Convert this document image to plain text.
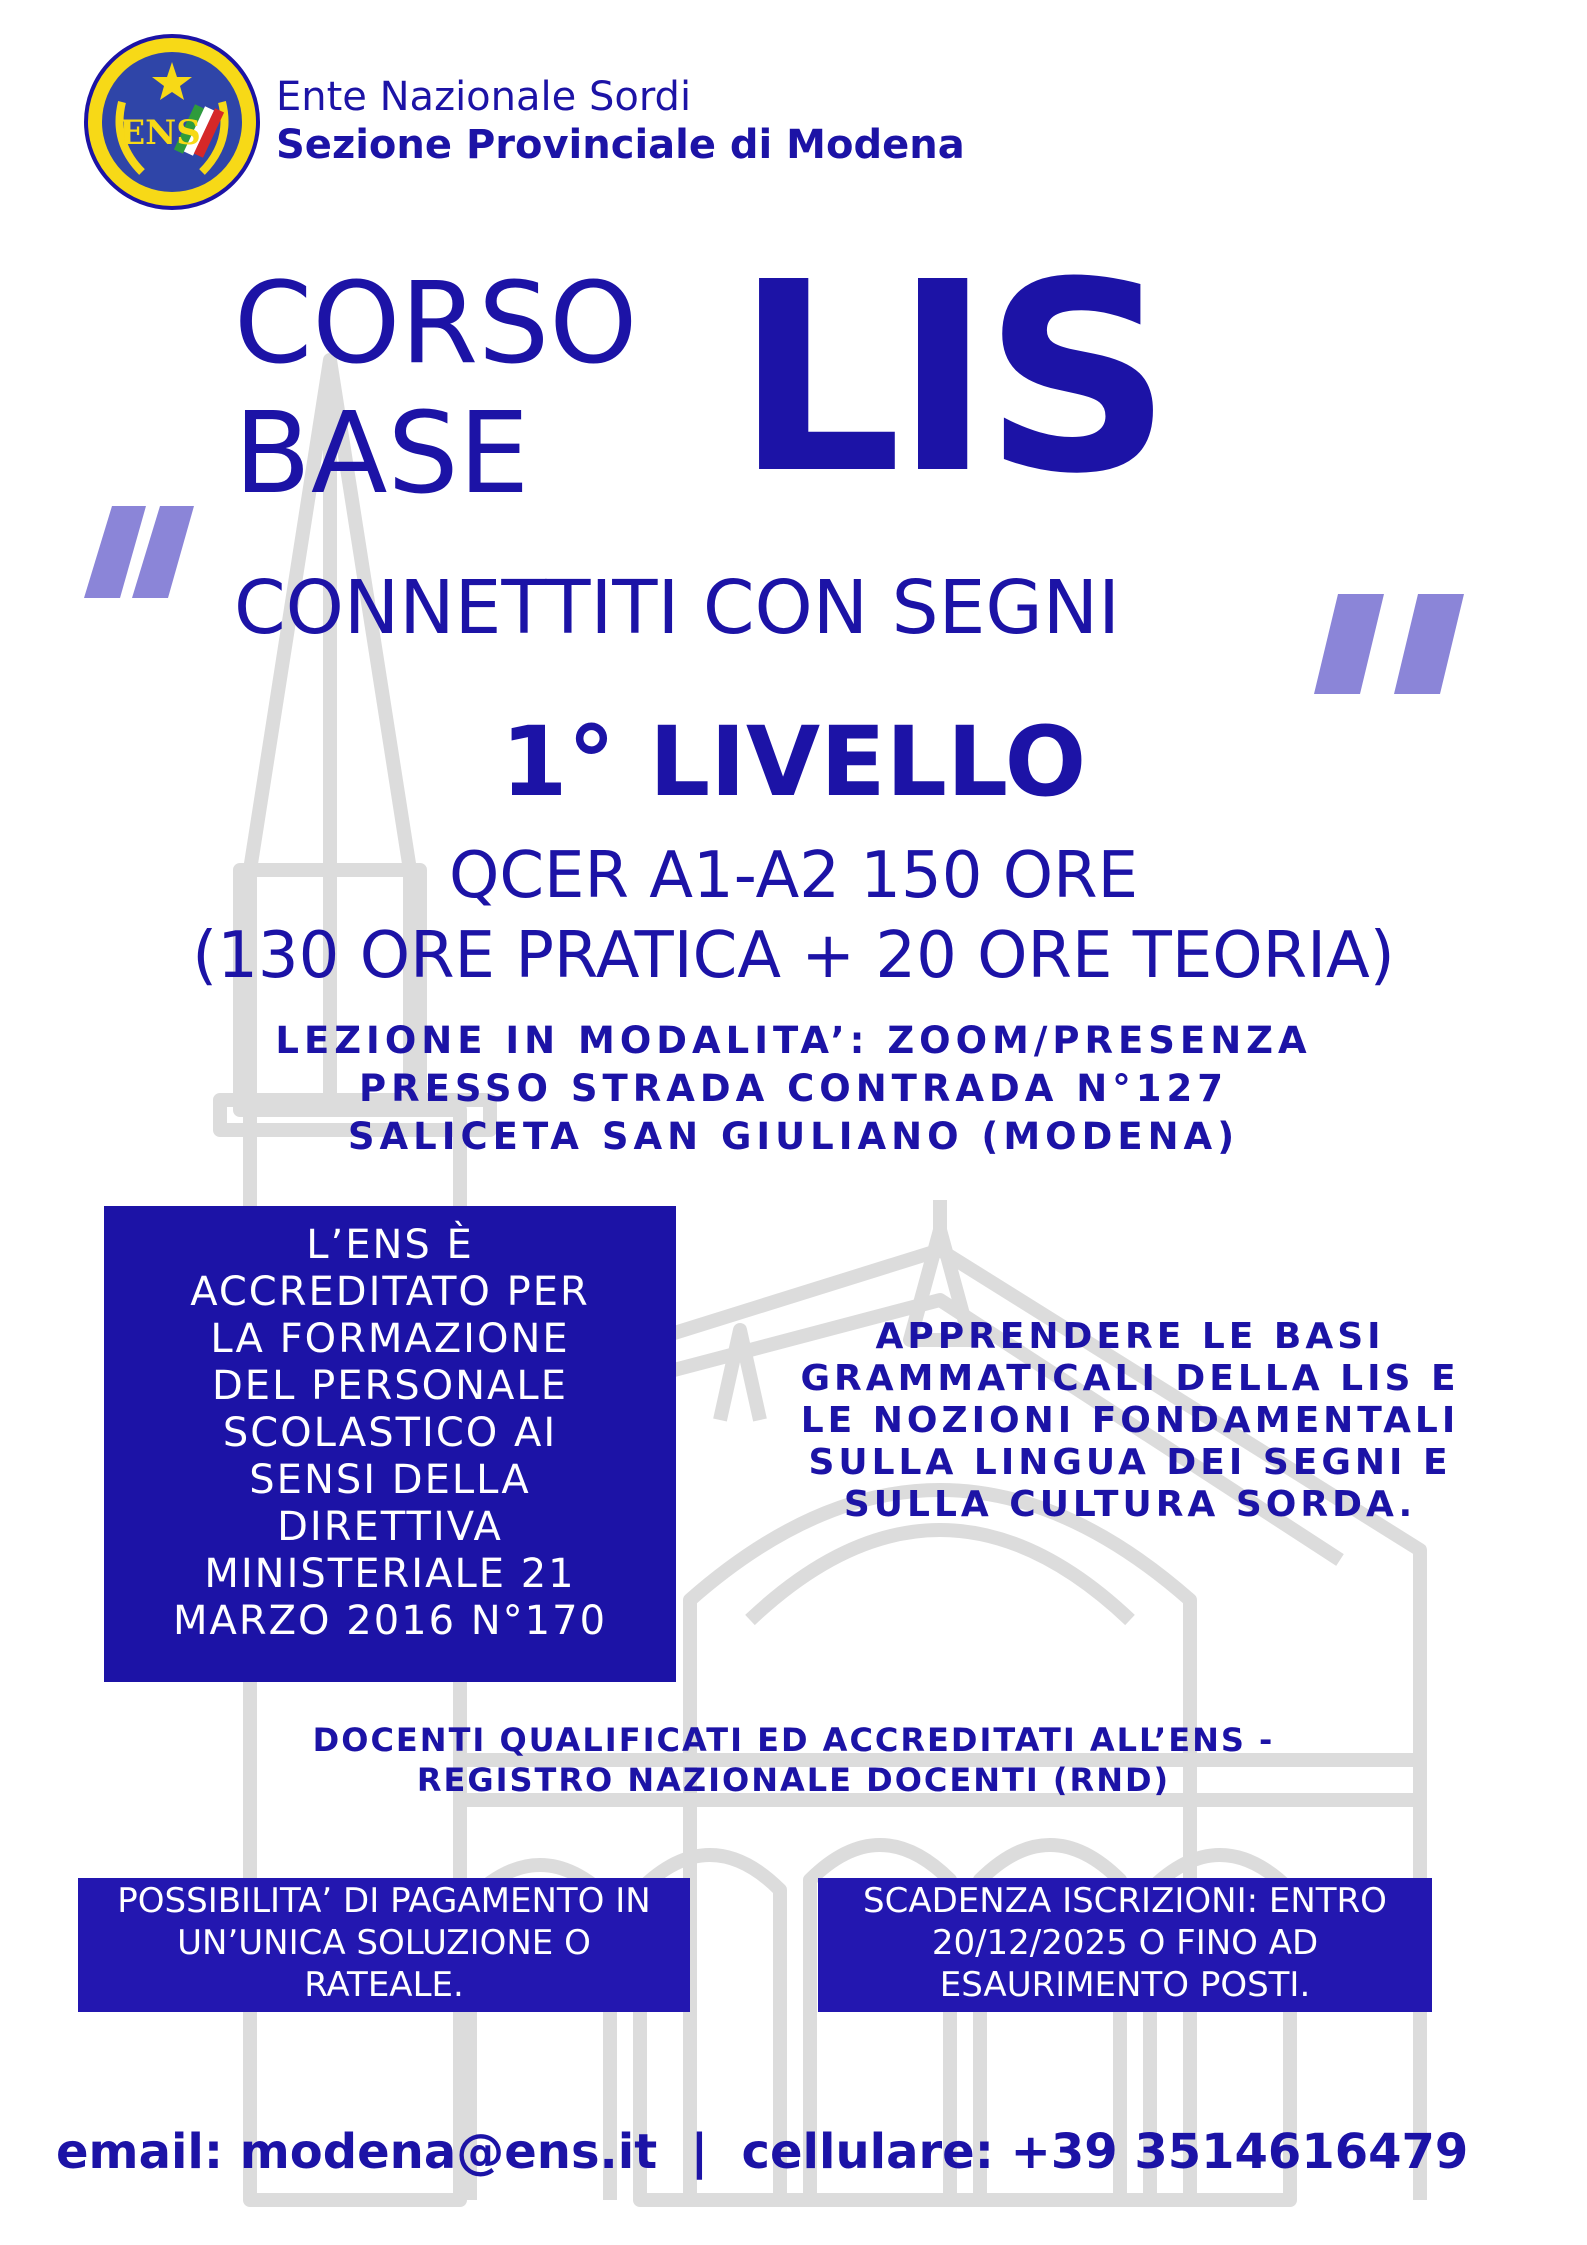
ENS
Ente Nazionale Sordi
Sezione Provinciale di Modena
CORSO
BASE LIS
CONNETTITI CON SEGNI
1° LIVELLO
QCER A1-A2 150 ORE
(130 ORE PRATICA + 20 ORE TEORIA)
LEZIONE IN MODALITA’: ZOOM/PRESENZA
PRESSO STRADA CONTRADA N°127
SALICETA SAN GIULIANO (MODENA)
L’ENS È
ACCREDITATO PER
LA FORMAZIONE
DEL PERSONALE
SCOLASTICO AI
SENSI DELLA
DIRETTIVA
MINISTERIALE 21
MARZO 2016 N°170
APPRENDERE LE BASI
GRAMMATICALI DELLA LIS E
LE NOZIONI FONDAMENTALI
SULLA LINGUA DEI SEGNI E
SULLA CULTURA SORDA.
DOCENTI QUALIFICATI ED ACCREDITATI ALL’ENS -
REGISTRO NAZIONALE DOCENTI (RND)
POSSIBILITA’ DI PAGAMENTO IN
UN’UNICA SOLUZIONE O
RATEALE.
SCADENZA ISCRIZIONI: ENTRO
20/12/2025 O FINO AD
ESAURIMENTO POSTI.
email: modena@ens.it  |  cellulare: +39 3514616479
